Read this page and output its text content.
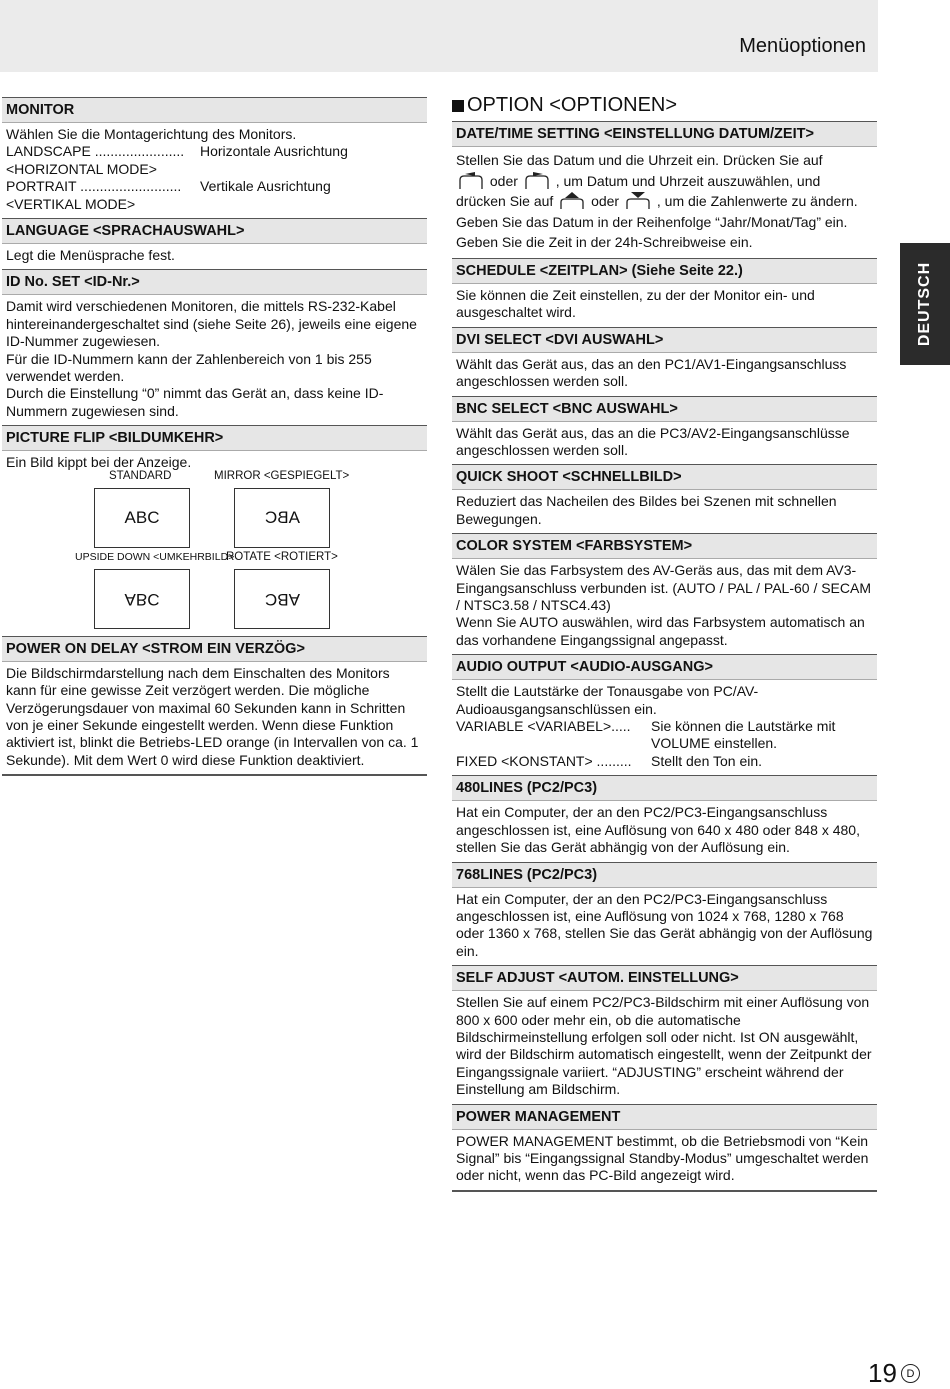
Menüoptionen
DEUTSCH
MONITOR

Wählen Sie die Montagerichtung des Monitors.

LANDSCAPE .......................	Horizontale Ausrichtung

<HORIZONTAL MODE>

PORTRAIT ..........................	Vertikale Ausrichtung

<VERTIKAL MODE>

LANGUAGE <SPRACHAUSWAHL>

Legt die Menüsprache fest.

ID No. SET <ID-Nr.>

Damit wird verschiedenen Monitoren, die mittels RS-232-Kabel hintereinandergeschaltet sind (siehe Seite 26), jeweils eine eigene ID-Nummer zugewiesen.

Für die ID-Nummern kann der Zahlenbereich von 1 bis 255 verwendet werden.

Durch die Einstellung “0” nimmt das Gerät an, dass keine ID-Nummern zugewiesen sind.

PICTURE FLIP <BILDUMKEHR>

Ein Bild kippt bei der Anzeige.

STANDARD	MIRROR <GESPIEGELT>
ABC	ABC
UPSIDE DOWN <UMKEHRBILD>
ROTATE <ROTIERT>
ABC	ABC
POWER ON DELAY <STROM EIN VERZÖG>

Die Bildschirmdarstellung nach dem Einschalten des Monitors kann für eine gewisse Zeit verzögert werden. Die mögliche Verzögerungsdauer von maximal 60 Sekunden kann in Schritten von je einer Sekunde eingestellt werden. Wenn diese Funktion aktiviert ist, blinkt die Betriebs-LED orange (in Intervallen von ca. 1 Sekunde). Mit dem Wert 0 wird diese Funktion deaktiviert.

OPTION <OPTIONEN>
DATE/TIME SETTING <EINSTELLUNG DATUM/ZEIT>

Stellen Sie das Datum und die Uhrzeit ein. Drücken Sie auf

oder	, um Datum und Uhrzeit auszuwählen, und

drücken Sie auf	oder	, um die Zahlenwerte zu ändern.

Geben Sie das Datum in der Reihenfolge “Jahr/Monat/Tag” ein.

Geben Sie die Zeit in der 24h-Schreibweise ein.

SCHEDULE <ZEITPLAN> (Siehe Seite 22.)

Sie können die Zeit einstellen, zu der der Monitor ein- und ausgeschaltet wird.

DVI SELECT <DVI AUSWAHL>

Wählt das Gerät aus, das an den PC1/AV1-Eingangsanschluss angeschlossen werden soll.

BNC SELECT <BNC AUSWAHL>

Wählt das Gerät aus, das an die PC3/AV2-Eingangsanschlüsse angeschlossen werden soll.

QUICK SHOOT <SCHNELLBILD>

Reduziert das Nacheilen des Bildes bei Szenen mit schnellen Bewegungen.

COLOR SYSTEM <FARBSYSTEM>

Wälen Sie das Farbsystem des AV-Geräs aus, das mit dem AV3-Eingangsanschluss verbunden ist. (AUTO / PAL / PAL-60 / SECAM / NTSC3.58 / NTSC4.43)

Wenn Sie AUTO auswählen, wird das Farbsystem automatisch an das vorhandene Eingangssignal angepasst.

AUDIO OUTPUT <AUDIO-AUSGANG>

Stellt die Lautstärke der Tonausgabe von PC/AV-Audioausgangsanschlüssen ein.

VARIABLE <VARIABEL>.....	Sie können die Lautstärke mit VOLUME einstellen.
FIXED <KONSTANT> .........	Stellt den Ton ein.
480LINES (PC2/PC3)

Hat ein Computer, der an den PC2/PC3-Eingangsanschluss angeschlossen ist, eine Auflösung von 640 x 480 oder 848 x 480, stellen Sie das Gerät abhängig von der Auflösung ein.

768LINES (PC2/PC3)

Hat ein Computer, der an den PC2/PC3-Eingangsanschluss angeschlossen ist, eine Auflösung von 1024 x 768, 1280 x 768 oder 1360 x 768, stellen Sie das Gerät abhängig von der Auflösung ein.

SELF ADJUST <AUTOM. EINSTELLUNG>

Stellen Sie auf einem PC2/PC3-Bildschirm mit einer Auflösung von 800 x 600 oder mehr ein, ob die automatische Bildschirmeinstellung erfolgen soll oder nicht. Ist ON ausgewählt, wird der Bildschirm automatisch eingestellt, wenn der Zeitpunkt der Eingangssignale variiert. “ADJUSTING” erscheint während der Einstellung am Bildschirm.

POWER MANAGEMENT

POWER MANAGEMENT bestimmt, ob die Betriebsmodi von “Kein Signal” bis “Eingangssignal Standby-Modus” umgeschaltet werden oder nicht, wenn das PC-Bild angezeigt wird.

19 D
